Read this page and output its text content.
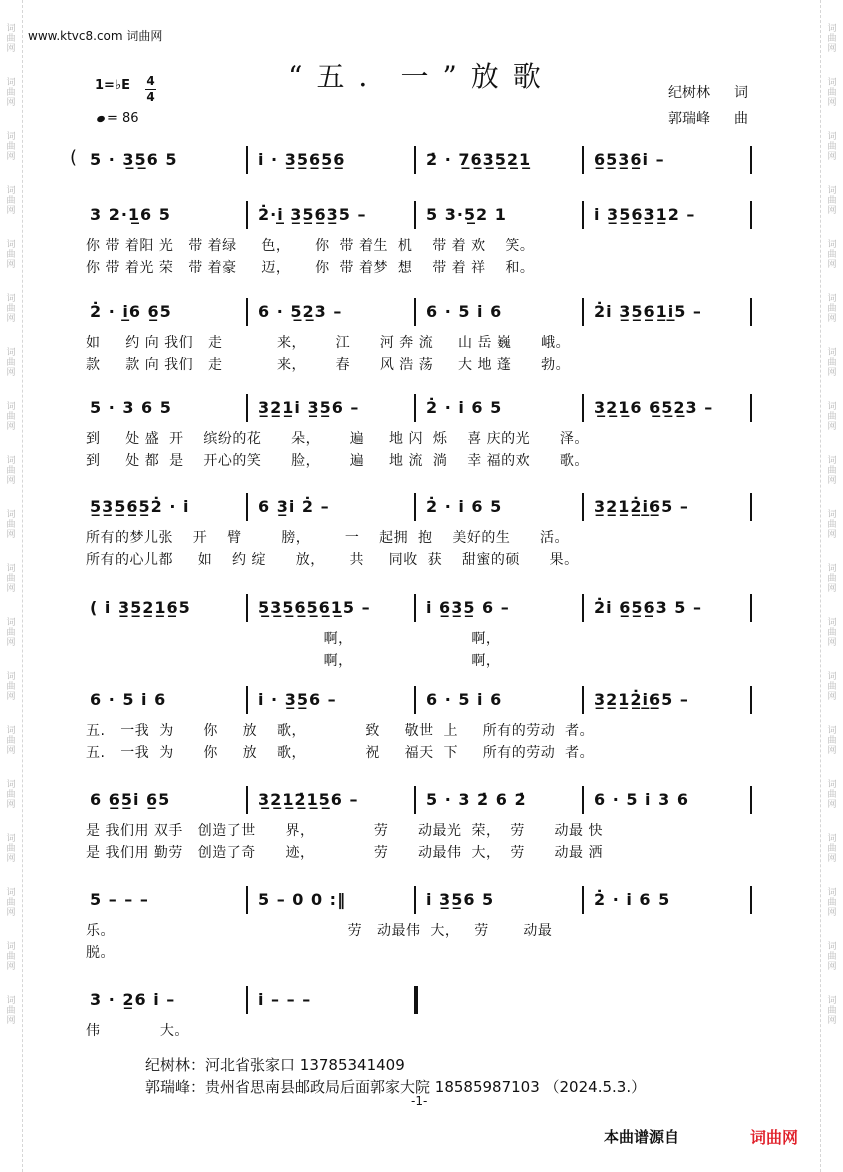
词
曲
网
词
曲
网
词
曲
网
词
曲
网
词
曲
网
词
曲
网
词
曲
网
词
曲
网
词
曲
网
词
曲
网
词
曲
网
词
曲
网
词
曲
网
词
曲
网
词
曲
网
词
曲
网
词
曲
网
词
曲
网
词
曲
网
词
曲
网
词
曲
网
词
曲
网
词
曲
网
词
曲
网
词
曲
网
词
曲
网
词
曲
网
词
曲
网
词
曲
网
词
曲
网
词
曲
网
词
曲
网
词
曲
网
词
曲
网
词
曲
网
词
曲
网
词
曲
网
词
曲
网
www.ktvc8.com 词曲网
“五．一”放歌
1=♭E 4
4
= 86
纪树林 词
郭瑞峰 曲
( 5 · 3̲5̲6 5	i · 3̲5̲6̲5̲6̲	2̇ · 7̲6̲3̲5̲2̲1̲	6̲5̲3̲6̲i –
3 2·1̲6 5	2̇·i̲ 3̲5̲6̲3̲5 –	5 3·5̲2 1	i 3̲5̲6̲3̲1̲2 –
你 带 着阳 光   带 着绿     色，     你  带 着生  机    带 着 欢    笑。
你 带 着光 荣   带 着豪     迈，     你  带 着梦  想    带 着 祥    和。
2̇ · i̲6 6̲5	6 · 5̲2̲3 –	6 · 5 i 6	2̇i 3̲5̲6̲1̲i̲5 –
如     约 向 我们   走           来，      江      河 奔 流     山 岳 巍      峨。
款     款 向 我们   走           来，      春      风 浩 荡     大 地 蓬      勃。
5 · 3 6 5	3̲2̲1̲i 3̲5̲6 –	2̇ · i 6 5	3̲2̲1̲6 6̲5̲2̲3 –
到     处 盛  开    缤纷的花      朵，      遍     地 闪  烁    喜 庆的光      泽。
到     处 都  是    开心的笑      脸，      遍     地 流  淌    幸 福的欢      歌。
5̲3̲5̲6̲5̲2̇ · i	6 3̲i 2̇ –	2̇ · i 6 5	3̲2̲1̲2̲̇i̲6̲5 –
所有的梦儿张    开    臂        膀，       一    起拥  抱    美好的生      活。
所有的心儿都     如    约 绽      放，     共     同收  获    甜蜜的硕      果。
( i 3̲5̲2̲1̲6̲5	5̲3̲5̲6̲5̲6̲1̲5 –	i 6̲3̲5̲ 6 –	2̇i 6̲5̲6̲3 5 –
啊，                        啊，
啊，                        啊，
6 · 5 i 6	i · 3̲5̲6 –	6 · 5 i 6	3̲2̲1̲2̲̇i̲6̲5 –
五.   一我  为      你     放    歌，            致     敬世  上     所有的劳动  者。
五.   一我  为      你     放    歌，            祝     福天  下     所有的劳动  者。
6 6̲5̲i 6̲5	3̲2̲1̲2̲̇1̲5̲6 –	5 · 3 2̇ 6 2̇	6 · 5 i 3 6
是 我们用 双手   创造了世      界，            劳      动最光  荣，  劳      动最 快
是 我们用 勤劳   创造了奇      迹，            劳      动最伟  大，  劳      动最 洒
5 – – –	5 – 0 0 :‖	i 3̲5̲6 5	2̇ · i 6 5
乐。                                               劳   动最伟  大，   劳       动最
脱。
3 · 2̲6 i –	i – – –
伟            大。
纪树林：河北省张家口 13785341409
郭瑞峰：贵州省思南县邮政局后面郭家大院 18585987103 （2024.5.3.）
-1-
本曲谱源自	词曲网
